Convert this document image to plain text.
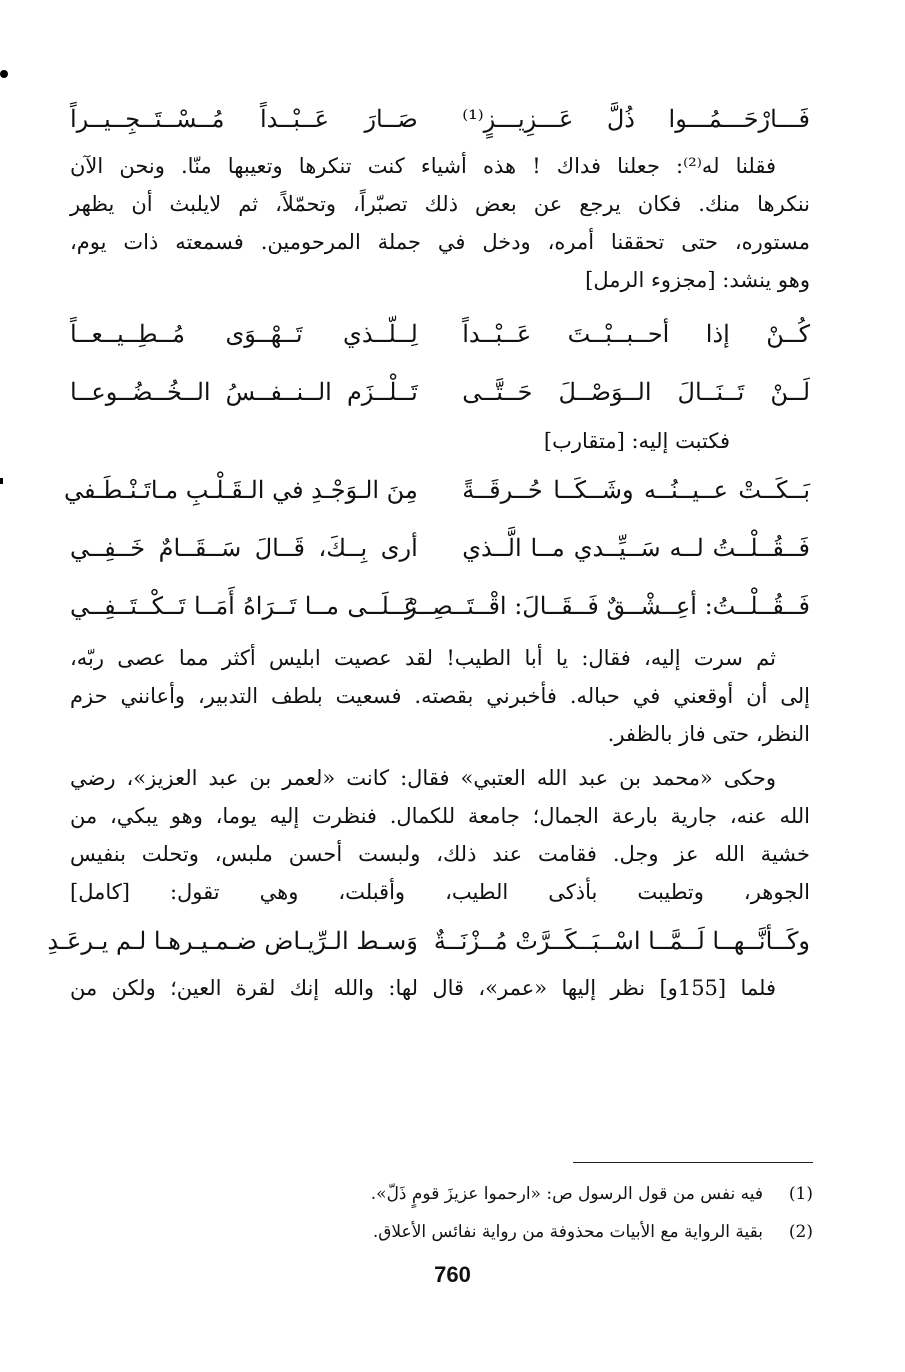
فَـــارْحَـــمُـــوا ذُلَّ عَـــزِيـــزٍ⁽¹⁾
صَــارَ عَــبْــداً مُــسْــتَــجِــيــراً
فقلنا له⁽²⁾: جعلنا فداك ! هذه أشياء كنت تنكرها وتعيبها منّا. ونحن الآن
ننكرها منك. فكان يرجع عن بعض ذلك تصبّراً، وتحمّلاً، ثم لايلبث أن يظهر
مستوره، حتى تحققنا أمره، ودخل في جملة المرحومين. فسمعته ذات يوم،
وهو ينشد: [مجزوء الرمل]
كُــنْ إذا أحــبــبْــتَ عَــبْــداً
لِــلّــذي تَــهْــوَى مُــطِــيــعــاً
لَــنْ تَــنَــالَ الــوَصْــلَ حَــتَّــى
تَــلْــزَم الــنــفــسُ الــخُــضُــوعــا
فكتبت إليه: [متقارب]
بَــكَــتْ عــيــنُــه وشَــكَــا حُــرقَــةً
مِنَ الـوَجْـدِ في الـقَـلْـبِ مـاتَـنْـطَـفي
فَــقُــلْــتُ لــه سَــيِّــدي مــا الَّــذي
أرى بِــكَ، قَــالَ سَــقَــامٌ خَــفِــي
فَــقُــلْــتُ: أعِــشْــقٌ فَــقَــالَ: اقْــتَــصِــرْ
عَــلَــى مــا تَــرَاهُ أَمَــا تَــكْــتَــفِــي
ثم سرت إليه، فقال: يا أبا الطيب! لقد عصيت ابليس أكثر مما عصى ربّه،
إلى أن أوقعني في حباله. فأخبرني بقصته. فسعيت بلطف التدبير، وأعانني حزم
النظر، حتى فاز بالظفر.
وحكى «محمد بن عبد الله العتبي» فقال: كانت «لعمر بن عبد العزيز»، رضي
الله عنه، جارية بارعة الجمال؛ جامعة للكمال. فنظرت إليه يوما، وهو يبكي، من
خشية الله عز وجل. فقامت عند ذلك، ولبست أحسن ملبس، وتحلت بنفيس
الجوهر، وتطيبت بأذكى الطيب، وأقبلت، وهي تقول: [كامل]
وكَــأنَّــهــا لَــمَّــا اسْــبَــكَــرَّتْ مُــزْنَــةٌ
وَسـط الـرِّيـاض ضـمـيـرهـا لـم يـرعَـدِ
فلما [155و] نظر إليها «عمر»، قال لها: والله إنك لقرة العين؛ ولكن من
(1)
فيه نفس من قول الرسول ص: «ارحموا عزيزَ قومٍ ذَلّ».
(2)
بقية الرواية مع الأبيات محذوفة من رواية نفائس الأعلاق.
760
